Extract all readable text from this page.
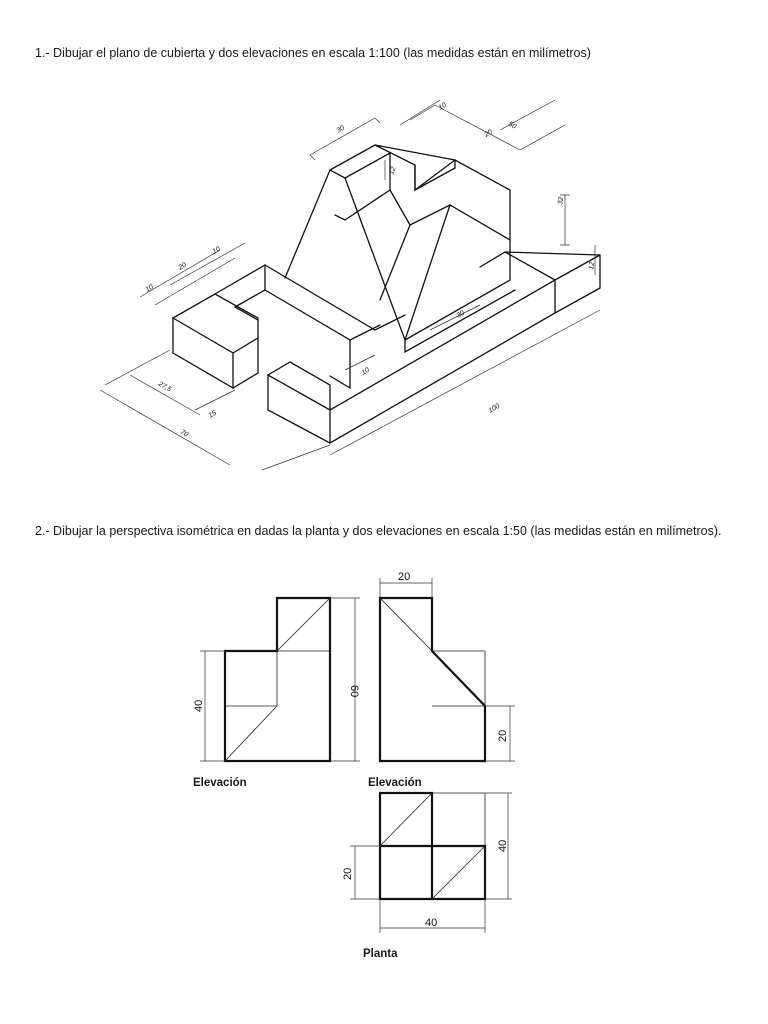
1.- Dibujar el plano de cubierta y dos elevaciones en escala 1:100 (las medidas están en milímetros)

10
50
30	20
12
32
12
10
20
10
30
27,5
15
70
10
100

2.- Dibujar la perspectiva isométrica en dadas la planta y dos elevaciones en escala 1:50 (las medidas están en milímetros).

40
60
20
20
40
20
40

Elevación	Elevación

Planta
